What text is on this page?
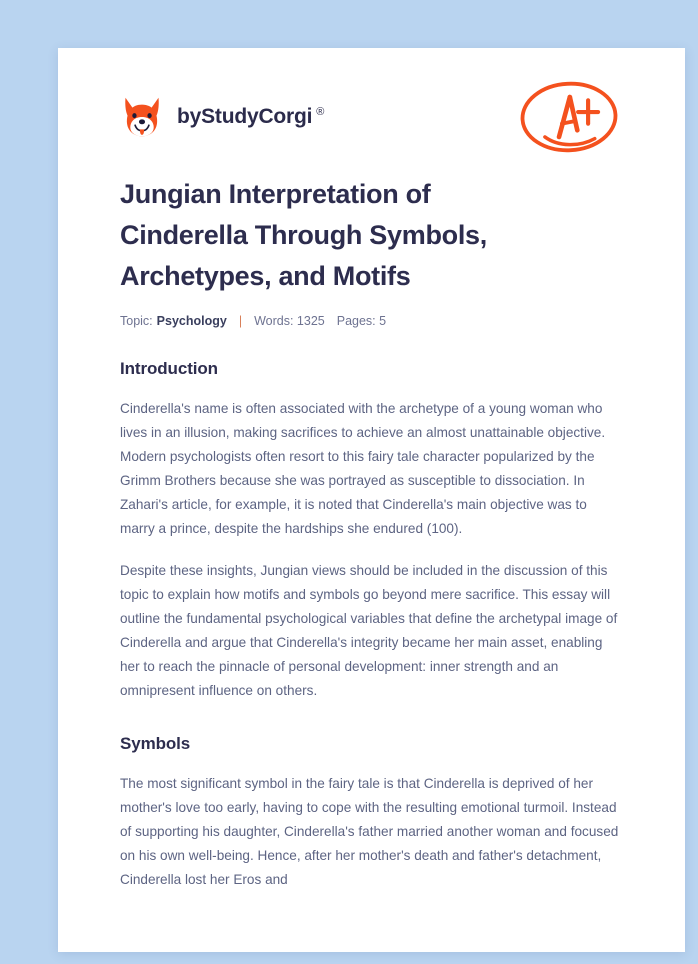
by StudyCorgi ®
Jungian Interpretation of Cinderella Through Symbols, Archetypes, and Motifs
Topic: Psychology | Words: 1325 Pages: 5
Introduction

Cinderella's name is often associated with the archetype of a young woman who lives in an illusion, making sacrifices to achieve an almost unattainable objective. Modern psychologists often resort to this fairy tale character popularized by the Grimm Brothers because she was portrayed as susceptible to dissociation. In Zahari's article, for example, it is noted that Cinderella's main objective was to marry a prince, despite the hardships she endured (100).

Despite these insights, Jungian views should be included in the discussion of this topic to explain how motifs and symbols go beyond mere sacrifice. This essay will outline the fundamental psychological variables that define the archetypal image of Cinderella and argue that Cinderella's integrity became her main asset, enabling her to reach the pinnacle of personal development: inner strength and an omnipresent influence on others.

Symbols

The most significant symbol in the fairy tale is that Cinderella is deprived of her mother's love too early, having to cope with the resulting emotional turmoil. Instead of supporting his daughter, Cinderella's father married another woman and focused on his own well-being. Hence, after her mother's death and father's detachment, Cinderella lost her Eros and
